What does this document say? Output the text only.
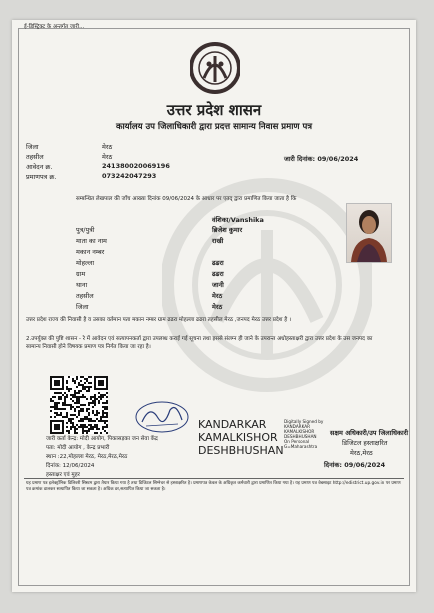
ई-डिस्ट्रिक्ट के अन्तर्गत जारी...
उत्तर प्रदेश शासन
कार्यालय उप जिलाधिकारी द्वारा प्रदत्त सामान्य निवास प्रमाण पत्र
जिला	मेरठ
तहसील	मेरठ
आवेदन क्र.	241380020069196
प्रमाणपत्र क्र.	073242047293
जारी दिनांक: 09/06/2024
सम्बन्धित लेखपाल की जाँच आख्या दिनांक 09/06/2024 के आधार पर एतद् द्वारा प्रमाणित किया जाता है कि
वंशिका/Vanshika
पुत्र/पुत्री	ब्रिजेश कुमार
माता का नाम	राखी
मकान नम्बर
मोहल्ला	ढढरा
ग्राम	ढढरा
थाना	जानी
तहसील	मेरठ
जिला	मेरठ
उत्तर प्रदेश राज्य की निवासी है व उसका वर्तमान पता मकान नम्बर ग्राम ढढरा मोहल्ला ढढरा तहसील मेरठ ,जनपद मेरठ उत्तर प्रदेश है ।
2.उपर्युक्त की पुष्टि शासन - रे में आवेदन एवं सत्यापनकर्ता द्वारा उपलब्ध कराई गई सूचना तथा इससे संलग्न ही जाने के उपरान्त अधोहस्ताक्षरी द्वारा उत्तर प्रदेश के उस जनपद का सामान्य निवासी होने विषयक प्रमाण पत्र निर्गत किया जा रहा है।
जारी कर्ता केन्द्र: मोदी आयोग, पिकासड़का जन सेवा केंद्र
पता: मोदी आयोग , केन्द्र प्रभारी
स्थान :22,मोहल्ला मेरठ, मेरठ,मेरठ,मेरठ
दिनांक: 12/06/2024
हस्ताक्षर एवं मुहर
KANDARKAR
KAMALKISHOR
DESHBHUSHAN
Digitally Signed by
KANDARKAR
KAMALKISHOR
DESHBHUSHAN
On Personal
G=Maharashtra
सक्षम अधिकारी/उप जिलाधिकारी
डिजिटल हस्ताक्षरित
मेरठ,मेरठ
दिनांक: 09/06/2024
यह प्रमाण पत्र इलेक्ट्रॉनिक डिलिवरी सिस्टम द्वारा तैयार किया गया है तथा डिजिटल सिग्नेचर से हस्ताक्षरित है। प्रमाणपत्र केवल के अधिकृत कर्मचारी द्वारा प्रमाणित किया गया है। यह प्रमाण पत्र वेबसाइट http://edistrict.up.gov.in पर प्रमाण पत्र क्रमांक डालकर सत्यापित किया जा सकता है। अधिक डर,सत्यापित किया जा सकता है।
